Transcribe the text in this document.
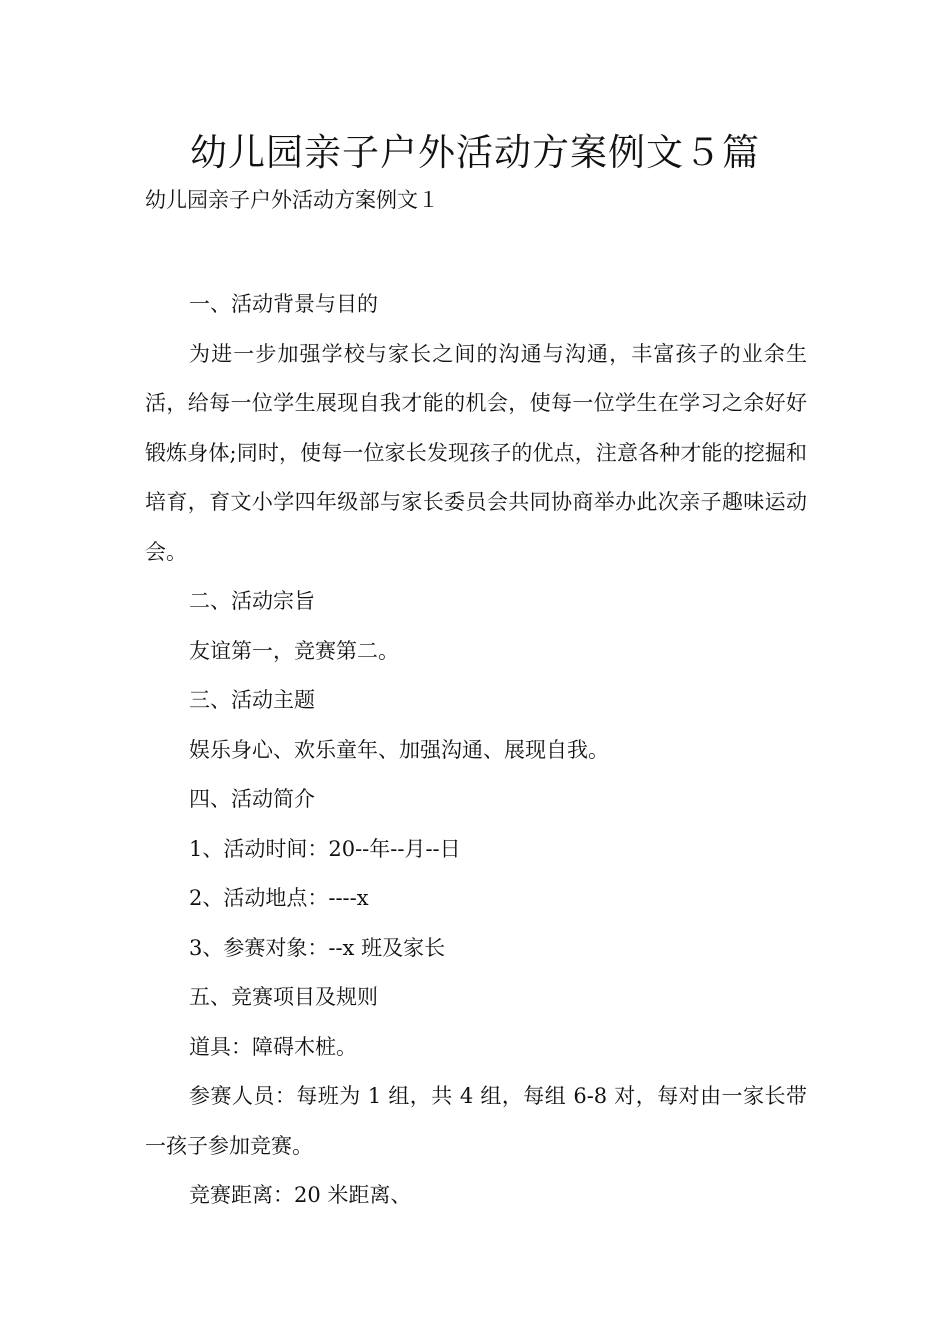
幼儿园亲子户外活动方案例文５篇

幼儿园亲子户外活动方案例文１

一、活动背景与目的

为进一步加强学校与家长之间的沟通与沟通，丰富孩子的业余生活，给每一位学生展现自我才能的机会，使每一位学生在学习之余好好锻炼身体;同时，使每一位家长发现孩子的优点，注意各种才能的挖掘和培育，育文小学四年级部与家长委员会共同协商举办此次亲子趣味运动会。

二、活动宗旨

友谊第一，竞赛第二。

三、活动主题

娱乐身心、欢乐童年、加强沟通、展现自我。

四、活动简介

1、活动时间：20--年--月--日

2、活动地点：----x

3、参赛对象：--x 班及家长

五、竞赛项目及规则

道具：障碍木桩。

参赛人员：每班为 1 组，共 4 组，每组 6-8 对，每对由一家长带一孩子参加竞赛。

竞赛距离：20 米距离、
